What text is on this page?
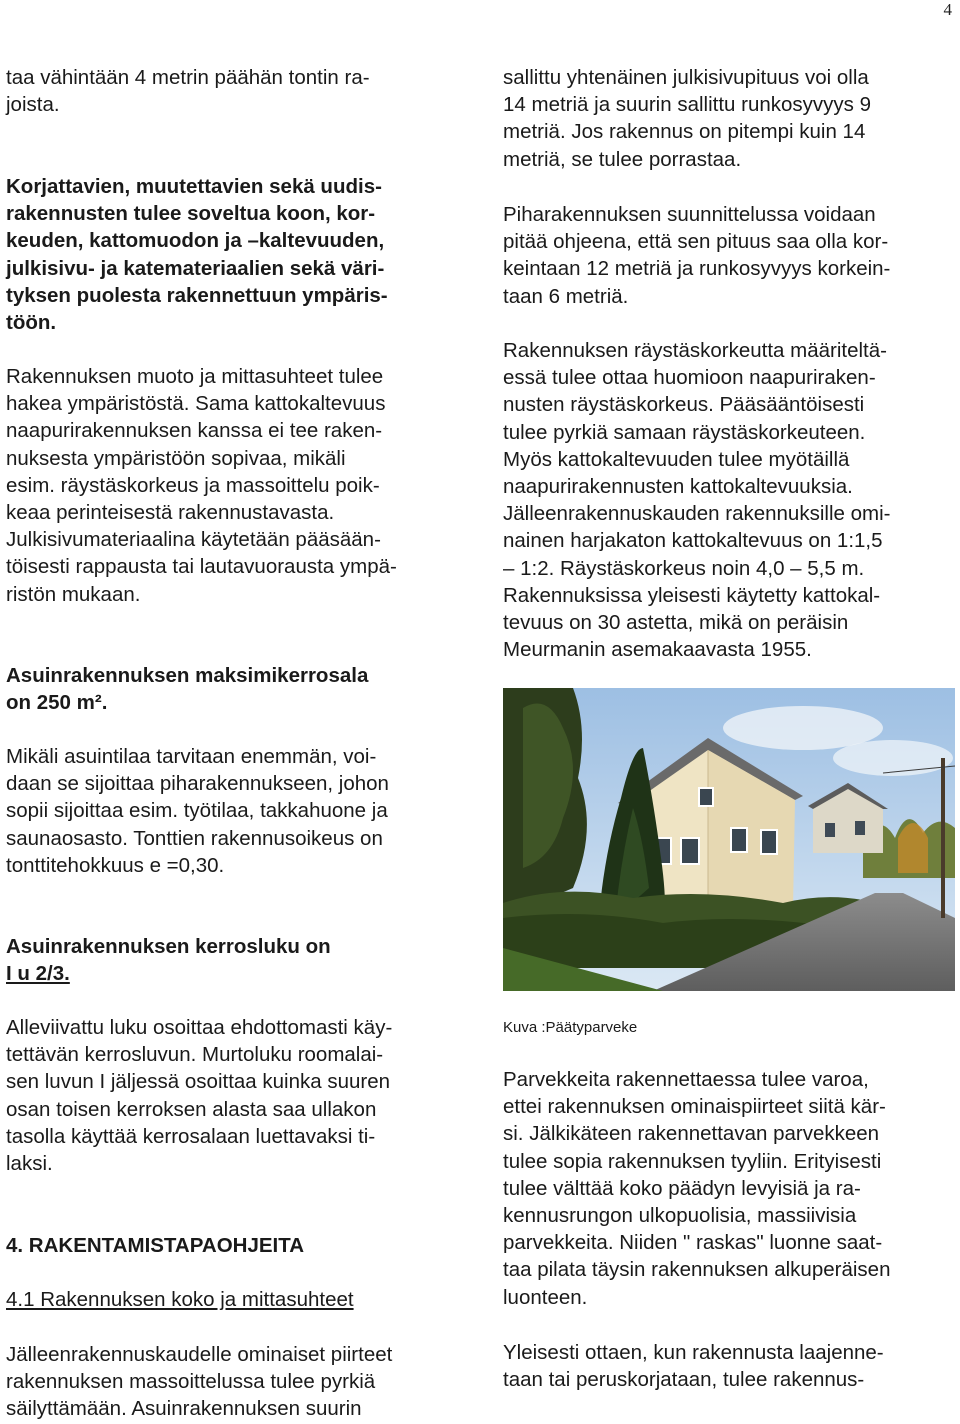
4
taa vähintään 4 metrin päähän tontin ra-
joista.
Korjattavien, muutettavien sekä uudis-
rakennusten tulee soveltua koon, kor-
keuden, kattomuodon ja –kaltevuuden,
julkisivu- ja katemateriaalien sekä väri-
tyksen puolesta rakennettuun ympäris-
töön.
Rakennuksen muoto ja mittasuhteet tulee
hakea ympäristöstä. Sama kattokaltevuus
naapurirakennuksen kanssa ei tee raken-
nuksesta ympäristöön sopivaa, mikäli
esim. räystäskorkeus ja massoittelu poik-
keaa perinteisestä rakennustavasta.
Julkisivumateriaalina käytetään pääsään-
töisesti rappausta tai lautavuorausta ympä-
ristön mukaan.
Asuinrakennuksen maksimikerrosala
on 250 m².
Mikäli asuintilaa tarvitaan enemmän, voi-
daan se sijoittaa piharakennukseen, johon
sopii sijoittaa esim. työtilaa, takkahuone ja
saunaosasto. Tonttien rakennusoikeus on
tonttitehokkuus e =0,30.
Asuinrakennuksen kerrosluku on
I u 2/3.
Alleviivattu luku osoittaa ehdottomasti käy-
tettävän kerrosluvun. Murtoluku roomalai-
sen luvun I jäljessä osoittaa kuinka suuren
osan toisen kerroksen alasta saa ullakon
tasolla käyttää kerrosalaan luettavaksi ti-
laksi.
4. RAKENTAMISTAPAOHJEITA
4.1 Rakennuksen koko ja mittasuhteet
Jälleenrakennuskaudelle ominaiset piirteet
rakennuksen massoittelussa tulee pyrkiä
säilyttämään. Asuinrakennuksen suurin
sallittu yhtenäinen julkisivupituus voi olla
14 metriä ja suurin sallittu runkosyvyys 9
metriä. Jos rakennus on pitempi kuin 14
metriä, se tulee porrastaa.
Piharakennuksen suunnittelussa voidaan
pitää ohjeena, että sen pituus saa olla kor-
keintaan 12 metriä ja runkosyvyys korkein-
taan 6 metriä.
Rakennuksen räystäskorkeutta määriteltä-
essä tulee ottaa huomioon naapuriraken-
nusten räystäskorkeus. Pääsääntöisesti
tulee pyrkiä samaan räystäskorkeuteen.
Myös kattokaltevuuden tulee myötäillä
naapurirakennusten kattokaltevuuksia.
Jälleenrakennuskauden rakennuksille omi-
nainen harjakaton kattokaltevuus on 1:1,5
– 1:2. Räystäskorkeus noin 4,0 – 5,5 m.
Rakennuksissa yleisesti käytetty kattokal-
tevuus on 30 astetta, mikä on peräisin
Meurmanin asemakaavasta 1955.
Kuva :Päätyparveke
Parvekkeita rakennettaessa tulee varoa,
ettei rakennuksen ominaispiirteet siitä kär-
si. Jälkikäteen rakennettavan parvekkeen
tulee sopia rakennuksen tyyliin. Erityisesti
tulee välttää koko päädyn levyisiä ja ra-
kennusrungon ulkopuolisia, massiivisia
parvekkeita. Niiden " raskas" luonne saat-
taa pilata täysin rakennuksen alkuperäisen
luonteen.
Yleisesti ottaen, kun rakennusta laajenne-
taan tai peruskorjataan, tulee rakennus-
